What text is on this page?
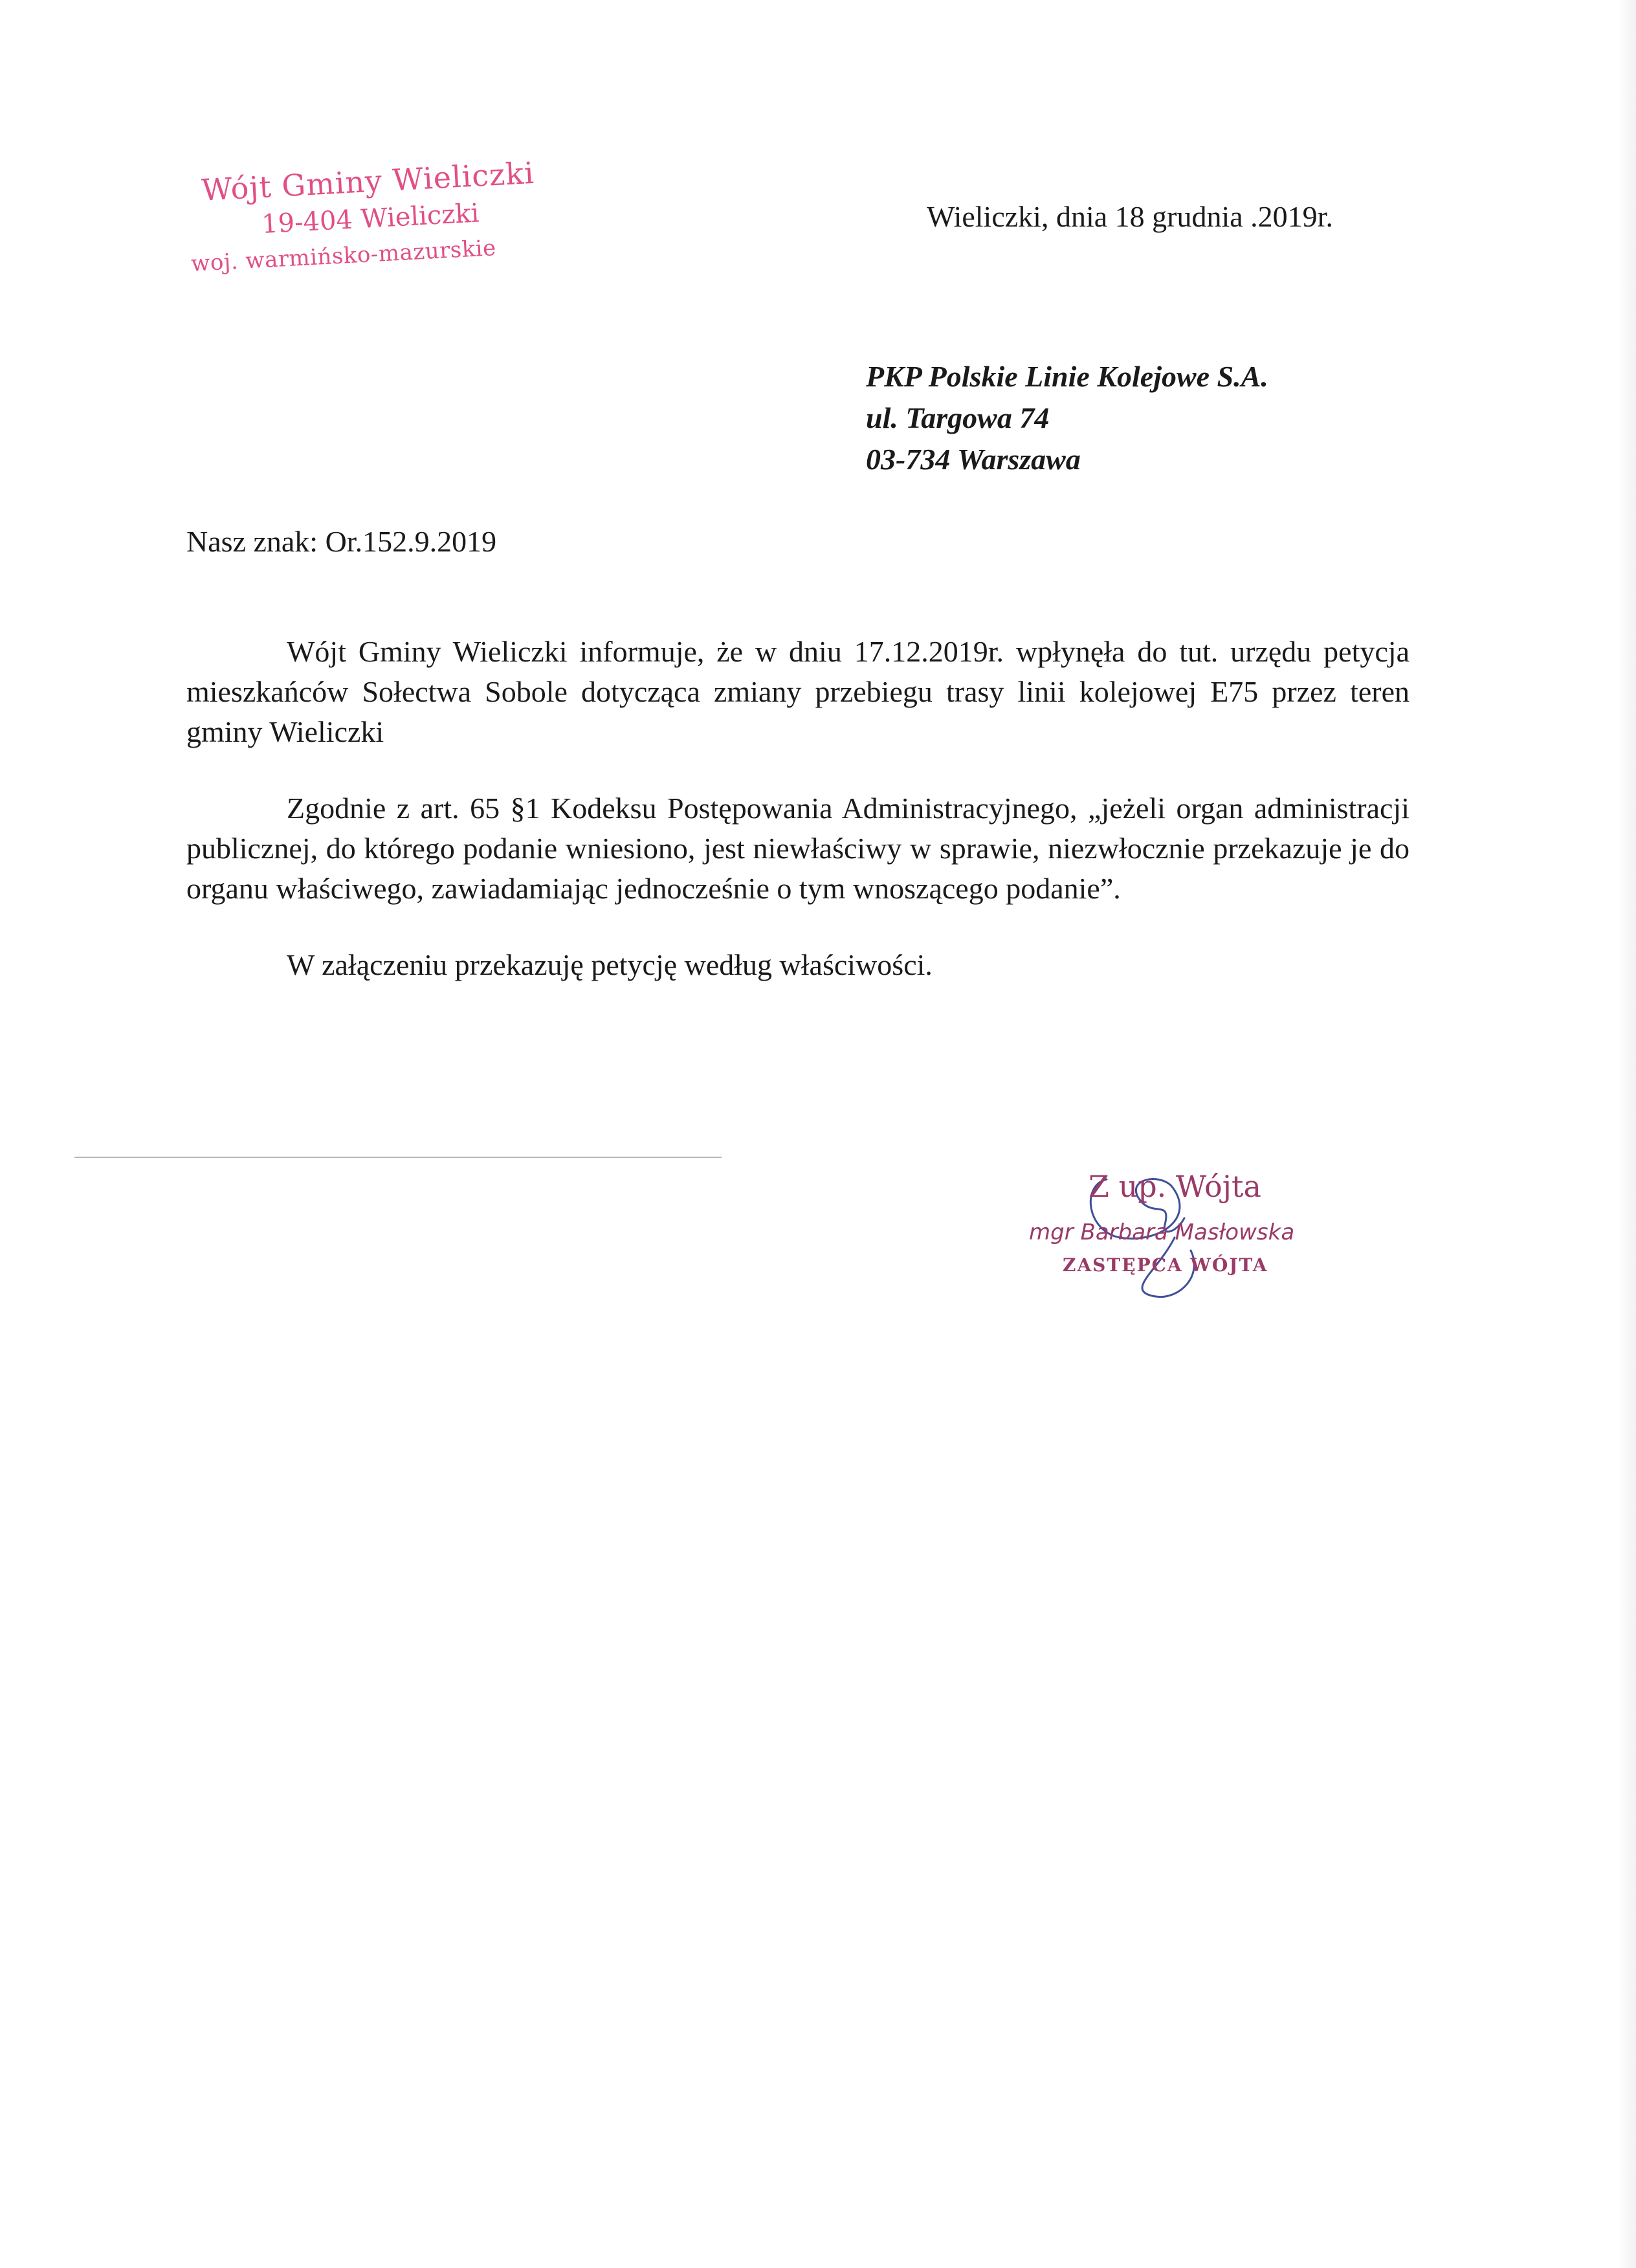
Wójt Gminy Wieliczki
19-404 Wieliczki
woj. warmińsko-mazurskie
Wieliczki, dnia 18 grudnia .2019r.
PKP Polskie Linie Kolejowe S.A.
ul. Targowa 74
03-734 Warszawa
Nasz znak: Or.152.9.2019

Wójt Gminy Wieliczki informuje, że w dniu 17.12.2019r. wpłynęła do tut. urzędu petycja mieszkańców Sołectwa Sobole dotycząca zmiany przebiegu trasy linii kolejowej E75 przez teren gminy Wieliczki

Zgodnie z art. 65 §1 Kodeksu Postępowania Administracyjnego, „jeżeli organ administracji publicznej, do którego podanie wniesiono, jest niewłaściwy w sprawie, niezwłocznie przekazuje je do organu właściwego, zawiadamiając jednocześnie o tym wnoszącego podanie”.

W załączeniu przekazuję petycję według właściwości.

Z up. Wójta
mgr Barbara Masłowska
ZASTĘPCA WÓJTA
